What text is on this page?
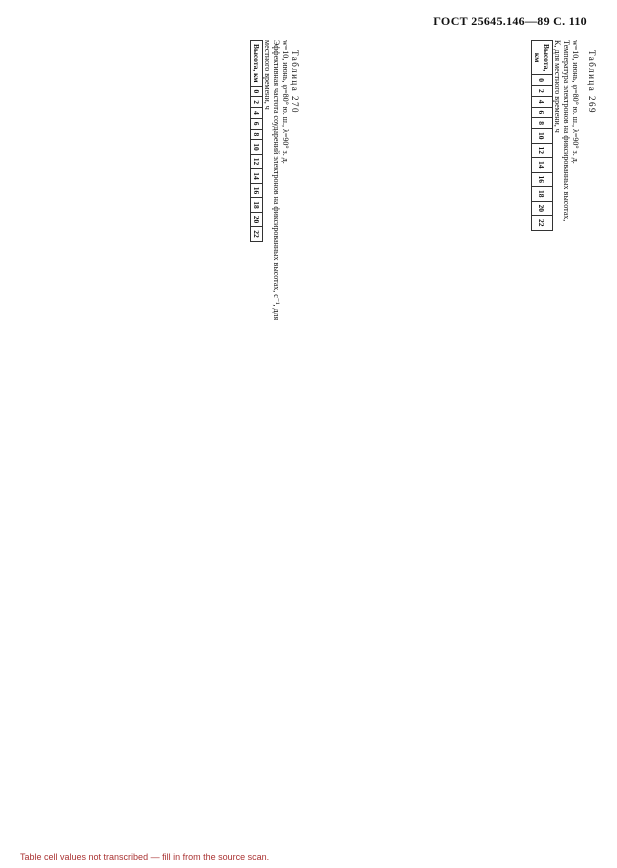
ГОСТ 25645.146—89 С. 110
w=10, июнь, φ=80° ю. ш., λ=90° з. д.
Температура электронов на фиксированных высотах, К, для местного времени, ч
Высота, км	0	2	4	6	8	10	12	14	16	18	20	22
Таблица 269
w=10, июнь, φ=80° ю. ш., λ=90° з. д.
Эффективная частота соударений электронов на фиксированных высотах, с⁻¹, для местного времени, ч
Высота, км	0	2	4	6	8	10	12	14	16	18	20	22
Таблица 270
Table cell values not transcribed — fill in from the source scan.
